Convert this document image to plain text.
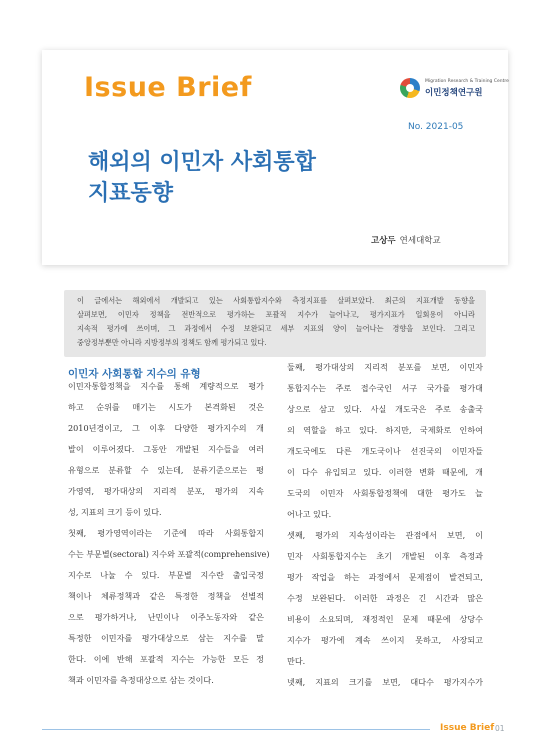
Issue Brief	Migration Research & Training Centre
이민정책연구원
No. 2021-05
해외의 이민자 사회통합
지표동향
고상두 연세대학교
이 글에서는 해외에서 개발되고 있는 사회통합지수와 측정지표를 살펴보았다. 최근의 지표개발 동향을
살펴보면, 이민자 정책을 전반적으로 평가하는 포괄적 지수가 늘어나고, 평가지표가 일회용이 아니라
지속적 평가에 쓰이며, 그 과정에서 수정 보완되고 세부 지표의 양이 늘어나는 경향을 보인다. 그리고
중앙정부뿐만 아니라 지방정부의 정책도 함께 평가되고 있다.
이민자 사회통합 지수의 유형
이민자통합정책을 지수를 통해 계량적으로 평가
하고 순위를 매기는 시도가 본격화된 것은
2010년경이고, 그 이후 다양한 평가지수의 개
발이 이루어졌다. 그동안 개발된 지수들을 여러
유형으로 분류할 수 있는데, 분류기준으로는 평
가영역, 평가대상의 지리적 분포, 평가의 지속
성, 지표의 크기 등이 있다.
첫째, 평가영역이라는 기준에 따라 사회통합지
수는 부문별(sectoral) 지수와 포괄적(comprehensive)
지수로 나눌 수 있다. 부문별 지수란 출입국정
책이나 체류정책과 같은 특정한 정책을 선별적
으로 평가하거나, 난민이나 이주노동자와 같은
특정한 이민자를 평가대상으로 삼는 지수를 말
한다. 이에 반해 포괄적 지수는 가능한 모든 정
책과 이민자를 측정대상으로 삼는 것이다.
둘째, 평가대상의 지리적 분포를 보면, 이민자
통합지수는 주로 접수국인 서구 국가를 평가대
상으로 삼고 있다. 사실 개도국은 주로 송출국
의 역할을 하고 있다. 하지만, 국제화로 인하여
개도국에도 다른 개도국이나 선진국의 이민자들
이 다수 유입되고 있다. 이러한 변화 때문에, 개
도국의 이민자 사회통합정책에 대한 평가도 늘
어나고 있다.
셋째, 평가의 지속성이라는 관점에서 보면, 이
민자 사회통합지수는 초기 개발된 이후 측정과
평가 작업을 하는 과정에서 문제점이 발견되고,
수정 보완된다. 이러한 과정은 긴 시간과 많은
비용이 소요되며, 재정적인 문제 때문에 상당수
지수가 평가에 계속 쓰이지 못하고, 사장되고
만다.
넷째, 지표의 크기를 보면, 대다수 평가지수가
Issue Brief 01
